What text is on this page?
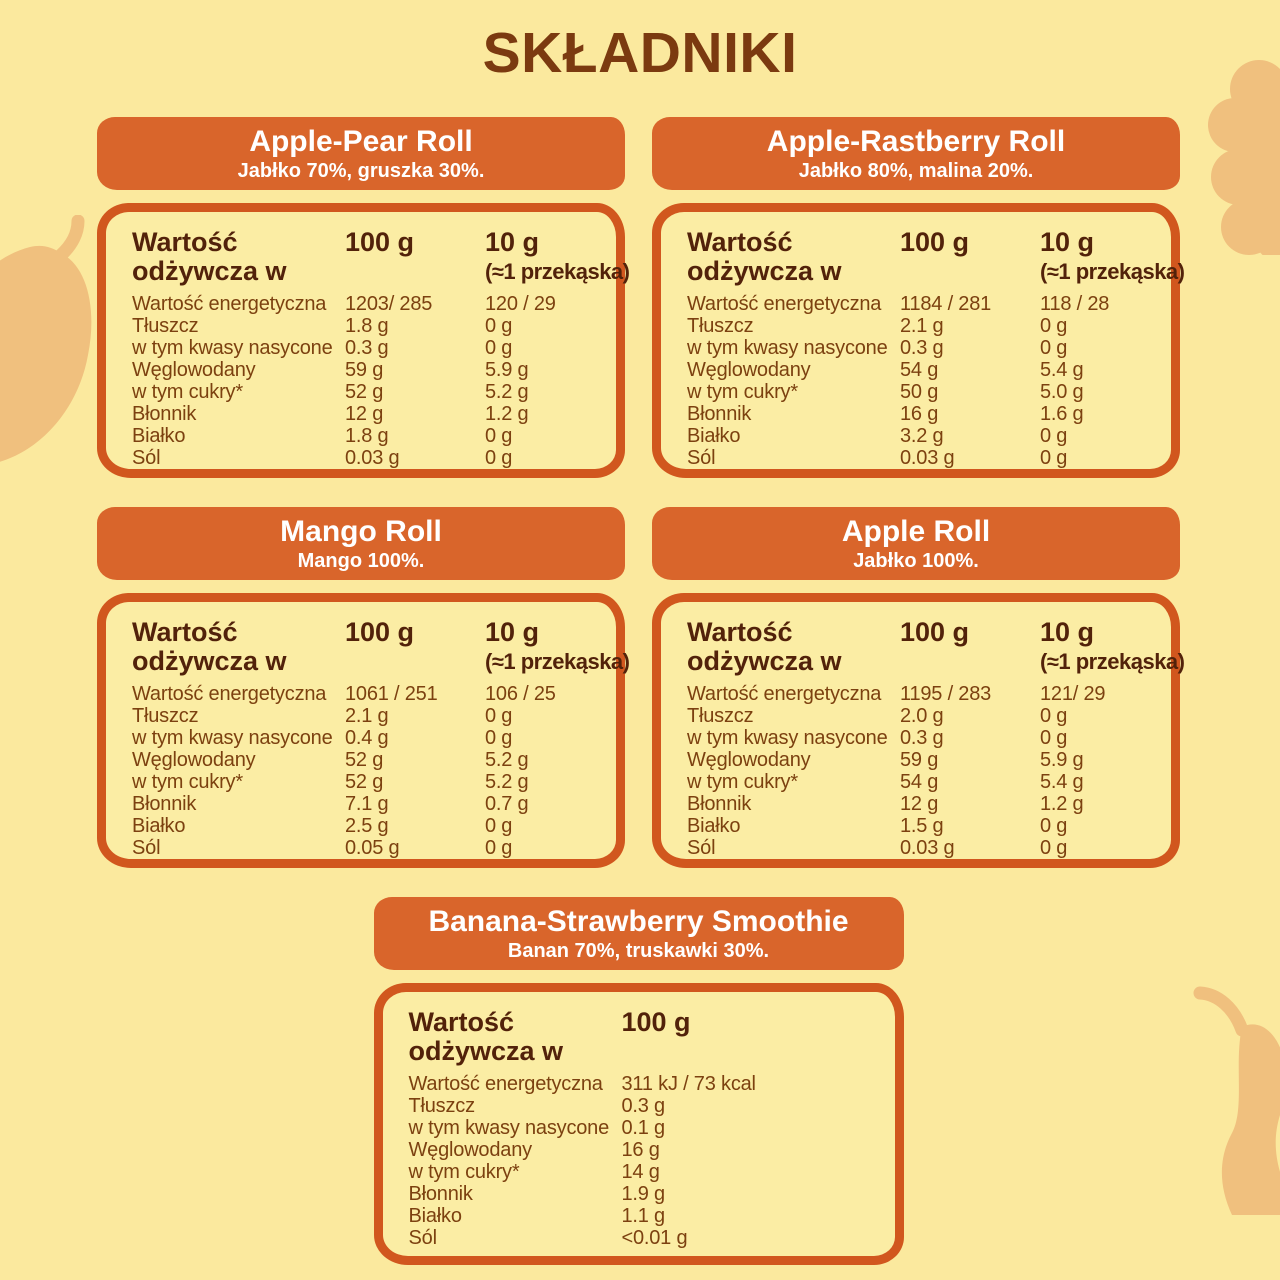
SKŁADNIKI
Apple-Pear Roll

Jabłko 70%, gruszka 30%.

Wartość odżywcza w
100 g	10 g
(≈1 przekąska)
Wartość energetyczna 1203/ 285	120 / 29
Tłuszcz	1.8 g	0 g
w tym kwasy nasycone 0.3 g	0 g
Węglowodany	59 g	5.9 g
w tym cukry*	52 g	5.2 g
Błonnik	12 g	1.2 g
Białko	1.8 g	0 g
Sól	0.03 g	0 g
Apple-Rastberry Roll

Jabłko 80%, malina 20%.

Wartość odżywcza w
100 g	10 g
(≈1 przekąska)
Wartość energetyczna 1184 / 281	118 / 28
Tłuszcz	2.1 g	0 g
w tym kwasy nasycone 0.3 g	0 g
Węglowodany	54 g	5.4 g
w tym cukry*	50 g	5.0 g
Błonnik	16 g	1.6 g
Białko	3.2 g	0 g
Sól	0.03 g	0 g
Mango Roll

Mango 100%.

Wartość odżywcza w
100 g	10 g
(≈1 przekąska)
Wartość energetyczna 1061 / 251	106 / 25
Tłuszcz	2.1 g	0 g
w tym kwasy nasycone 0.4 g	0 g
Węglowodany	52 g	5.2 g
w tym cukry*	52 g	5.2 g
Błonnik	7.1 g	0.7 g
Białko	2.5 g	0 g
Sól	0.05 g	0 g
Apple Roll

Jabłko 100%.

Wartość odżywcza w
100 g	10 g
(≈1 przekąska)
Wartość energetyczna 1195 / 283	121/ 29
Tłuszcz	2.0 g	0 g
w tym kwasy nasycone 0.3 g	0 g
Węglowodany	59 g	5.9 g
w tym cukry*	54 g	5.4 g
Błonnik	12 g	1.2 g
Białko	1.5 g	0 g
Sól	0.03 g	0 g
Banana-Strawberry Smoothie

Banan 70%, truskawki 30%.

Wartość odżywcza w
100 g
Wartość energetyczna 311 kJ / 73 kcal
Tłuszcz	0.3 g
w tym kwasy nasycone 0.1 g
Węglowodany	16 g
w tym cukry*	14 g
Błonnik	1.9 g
Białko	1.1 g
Sól	<0.01 g
